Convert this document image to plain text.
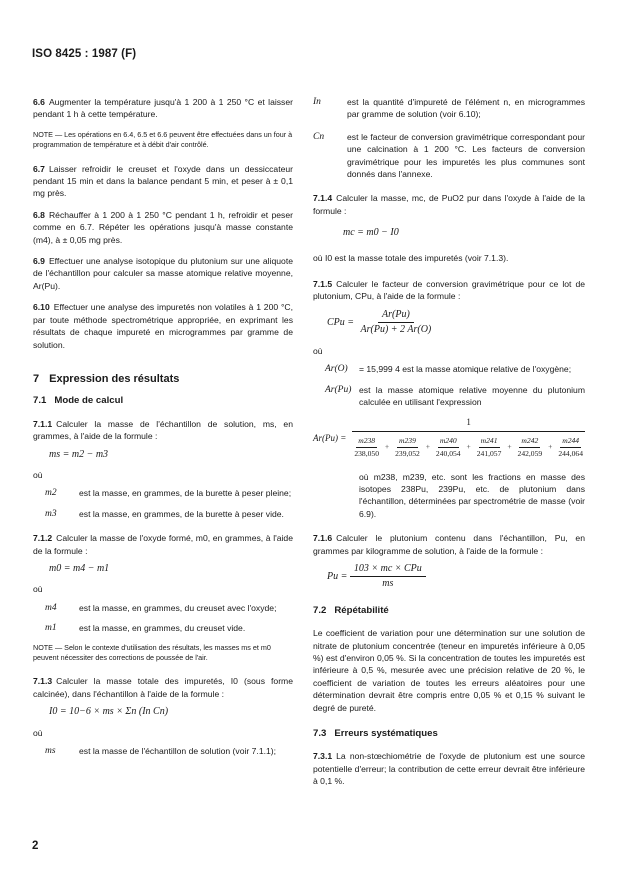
ISO 8425 : 1987 (F)

6.6 Augmenter la température jusqu'à 1 200 à 1 250 °C et laisser pendant 1 h à cette température.

NOTE — Les opérations en 6.4, 6.5 et 6.6 peuvent être effectuées dans un four à programmation de température et à débit d'air contrôlé.

6.7 Laisser refroidir le creuset et l'oxyde dans un dessiccateur pendant 15 min et dans la balance pendant 5 min, et peser à ± 0,1 mg près.

6.8 Réchauffer à 1 200 à 1 250 °C pendant 1 h, refroidir et peser comme en 6.7. Répéter les opérations jusqu'à masse constante (m4), à ± 0,05 mg près.

6.9 Effectuer une analyse isotopique du plutonium sur une aliquote de l'échantillon pour calculer sa masse atomique relative moyenne, Ar(Pu).

6.10 Effectuer une analyse des impuretés non volatiles à 1 200 °C, par toute méthode spectrométrique appropriée, en exprimant les résultats de chaque impureté en microgrammes par gramme de solution.

7 Expression des résultats
7.1 Mode de calcul

7.1.1 Calculer la masse de l'échantillon de solution, ms, en grammes, à l'aide de la formule :

ms = m2 − m3

où

m2	est la masse, en grammes, de la burette à peser pleine;
m3	est la masse, en grammes, de la burette à peser vide.

7.1.2 Calculer la masse de l'oxyde formé, m0, en grammes, à l'aide de la formule :

m0 = m4 − m1

où

m4	est la masse, en grammes, du creuset avec l'oxyde;
m1	est la masse, en grammes, du creuset vide.

NOTE — Selon le contexte d'utilisation des résultats, les masses ms et m0 peuvent nécessiter des corrections de poussée de l'air.

7.1.3 Calculer la masse totale des impuretés, I0 (sous forme calcinée), dans l'échantillon à l'aide de la formule :

I0 = 10−6 × ms × Σn (In Cn)

où

ms	est la masse de l'échantillon de solution (voir 7.1.1);
In	est la quantité d'impureté de l'élément n, en microgrammes par gramme de solution (voir 6.10);
Cn	est le facteur de conversion gravimétrique correspondant pour une calcination à 1 200 °C. Les facteurs de conversion gravimétrique pour les impuretés les plus communes sont donnés dans l'annexe.

7.1.4 Calculer la masse, mc, de PuO2 pur dans l'oxyde à l'aide de la formule :

mc = m0 − I0

où I0 est la masse totale des impuretés (voir 7.1.3).

7.1.5 Calculer le facteur de conversion gravimétrique pour ce lot de plutonium, CPu, à l'aide de la formule :

CPu = $\frac{Ar(Pu)}{Ar(Pu) + 2 Ar(O)}$

où

Ar(O)	= 15,999 4 est la masse atomique relative de l'oxygène;
Ar(Pu) est la masse atomique relative moyenne du plutonium calculée en utilisant l'expression
Ar(Pu) =
1
m238
238,050
+ $\frac{m239}{239,052} + \frac{m240}{240,054} + \frac{m241}{241,057} + \frac{m242}{242,059} + \frac{m244}{244,064}$

où m238, m239, etc. sont les fractions en masse des isotopes 238Pu, 239Pu, etc. de plutonium dans l'échantillon, déterminées par spectrométrie de masse (voir 6.9).

7.1.6 Calculer le plutonium contenu dans l'échantillon, Pu, en grammes par kilogramme de solution, à l'aide de la formule :

$Pu = \frac{\text{103 × mc × CPu}}{ms}$
7.2 Répétabilité

Le coefficient de variation pour une détermination sur une solution de nitrate de plutonium concentrée (teneur en impuretés inférieure à 0,05 %) est d'environ 0,05 %. Si la concentration de toutes les impuretés est inférieure à 0,5 %, mesurée avec une précision relative de 20 %, le coefficient de variation de toutes les erreurs aléatoires pour une détermination devrait être compris entre 0,05 % et 0,15 % suivant le degré de pureté.

7.3 Erreurs systématiques

7.3.1 La non-stœchiométrie de l'oxyde de plutonium est une source potentielle d'erreur; la contribution de cette erreur devrait être inférieure à 0,1 %.

2
